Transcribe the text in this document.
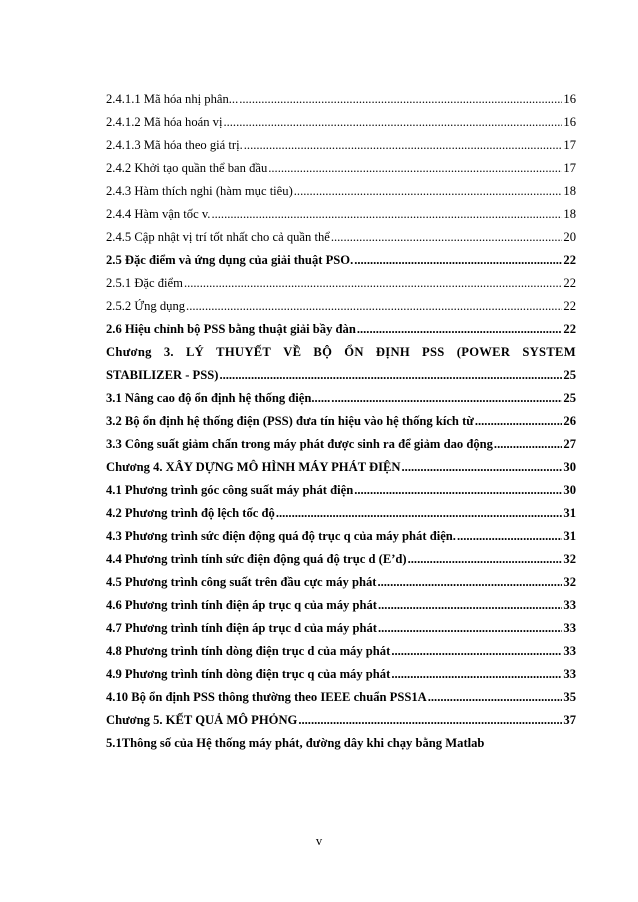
2.4.1.1 Mã hóa nhị phân... .....	16
2.4.1.2 Mã hóa hoán vị .....	16
2.4.1.3 Mã hóa theo giá trị. .....	17
2.4.2 Khởi tạo quần thể ban đầu .....	17
2.4.3 Hàm thích nghi (hàm mục tiêu) .....	18
2.4.4 Hàm vận tốc v. .....	18
2.4.5 Cập nhật vị trí tốt nhất cho cả quần thể .....	20
2.5 Đặc điểm và ứng dụng của giải thuật PSO. .....	22
2.5.1 Đặc điểm .....	22
2.5.2 Ứng dụng .....	22
2.6 Hiệu chỉnh bộ PSS bằng thuật giải bầy đàn .....	22
Chương 3. LÝ THUYẾT VỀ BỘ ỔN ĐỊNH PSS (POWER SYSTEM
STABILIZER - PSS) .....	25
3.1 Nâng cao độ ổn định hệ thống điện...... .....	25
3.2 Bộ ổn định hệ thống điện (PSS) đưa tín hiệu vào hệ thống kích từ .....	26
3.3 Công suất giảm chấn trong máy phát được sinh ra để giảm dao động .....	27
Chương 4. XÂY DỰNG MÔ HÌNH MÁY PHÁT ĐIỆN .....	30
4.1 Phương trình góc công suất máy phát điện .....	30
4.2 Phương trình độ lệch tốc độ .....	31
4.3 Phương trình sức điện động quá độ trục q của máy phát điện. .....	31
4.4 Phương trình tính sức điện động quá độ trục d (E’d) .....	32
4.5 Phương trình công suất trên đầu cực máy phát .....	32
4.6 Phương trình tính điện áp trục q của máy phát .....	33
4.7 Phương trình tính điện áp trục d của máy phát .....	33
4.8 Phương trình tính dòng điện trục d của máy phát .....	33
4.9 Phương trình tính dòng điện trục q của máy phát .....	33
4.10 Bộ ổn định PSS thông thường theo IEEE chuẩn PSS1A .....	35
Chương 5. KẾT QUẢ MÔ PHỎNG .....	37
5.1Thông số của Hệ thống máy phát, đường dây khi chạy bằng Matlab
v
